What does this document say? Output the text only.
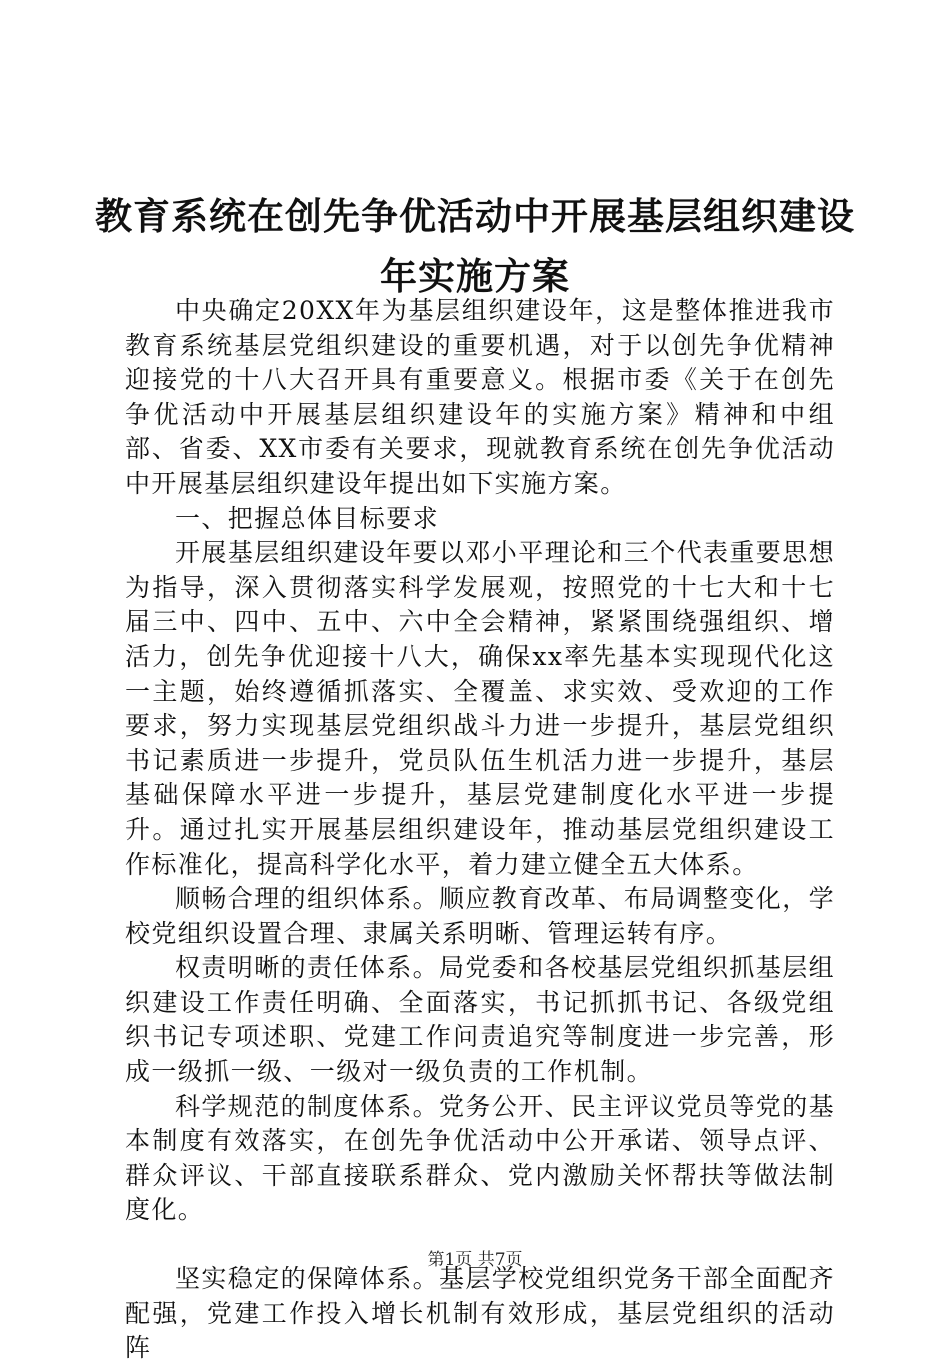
教育系统在创先争优活动中开展基层组织建设
年实施方案

中央确定20XX年为基层组织建设年，这是整体推进我市教育系统基层党组织建设的重要机遇，对于以创先争优精神迎接党的十八大召开具有重要意义。根据市委《关于在创先争优活动中开展基层组织建设年的实施方案》精神和中组部、省委、XX市委有关要求，现就教育系统在创先争优活动中开展基层组织建设年提出如下实施方案。

一、把握总体目标要求

开展基层组织建设年要以邓小平理论和三个代表重要思想为指导，深入贯彻落实科学发展观，按照党的十七大和十七届三中、四中、五中、六中全会精神，紧紧围绕强组织、增活力，创先争优迎接十八大，确保xx率先基本实现现代化这一主题，始终遵循抓落实、全覆盖、求实效、受欢迎的工作要求，努力实现基层党组织战斗力进一步提升，基层党组织书记素质进一步提升，党员队伍生机活力进一步提升，基层基础保障水平进一步提升，基层党建制度化水平进一步提升。通过扎实开展基层组织建设年，推动基层党组织建设工作标准化，提高科学化水平，着力建立健全五大体系。

顺畅合理的组织体系。顺应教育改革、布局调整变化，学校党组织设置合理、隶属关系明晰、管理运转有序。

权责明晰的责任体系。局党委和各校基层党组织抓基层组织建设工作责任明确、全面落实，书记抓抓书记、各级党组织书记专项述职、党建工作问责追究等制度进一步完善，形成一级抓一级、一级对一级负责的工作机制。

科学规范的制度体系。党务公开、民主评议党员等党的基本制度有效落实，在创先争优活动中公开承诺、领导点评、群众评议、干部直接联系群众、党内激励关怀帮扶等做法制度化。

坚实稳定的保障体系。基层学校党组织党务干部全面配齐配强，党建工作投入增长机制有效形成，基层党组织的活动阵

第1页 共7页
